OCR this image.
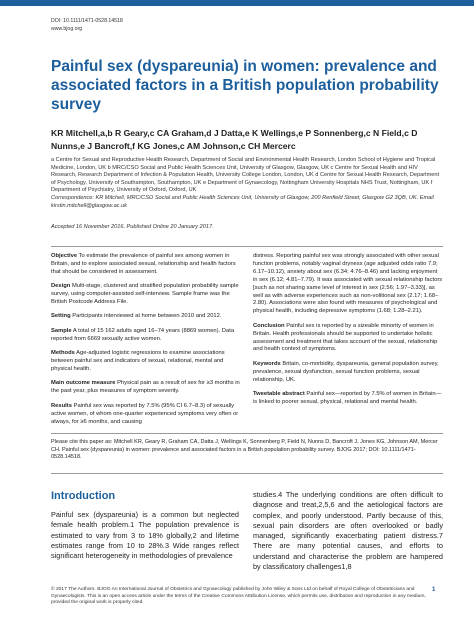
DOI: 10.1111/1471-0528.14518
www.bjog.org
Painful sex (dyspareunia) in women: prevalence and associated factors in a British population probability survey
KR Mitchell,a,b R Geary,c CA Graham,d J Datta,e K Wellings,e P Sonnenberg,c N Field,c D Nunns,e J Bancroft,f KG Jones,c AM Johnson,c CH Mercerc
a Centre for Sexual and Reproductive Health Research, Department of Social and Environmental Health Research, London School of Hygiene and Tropical Medicine, London, UK b MRC/CSO Social and Public Health Sciences Unit, University of Glasgow, Glasgow, UK c Centre for Sexual Health and HIV Research, Research Department of Infection & Population Health, University College London, London, UK d Centre for Sexual Health Research, Department of Psychology, University of Southampton, Southampton, UK e Department of Gynaecology, Nottingham University Hospitals NHS Trust, Nottingham, UK f Department of Psychiatry, University of Oxford, Oxford, UK
Correspondence: KR Mitchell, MRC/CSO Social and Public Health Sciences Unit, University of Glasgow, 200 Renfield Street, Glasgow G2 3QB, UK. Email kirstin.mitchell@glasgow.ac.uk
Accepted 16 November 2016. Published Online 20 January 2017.

Objective To estimate the prevalence of painful sex among women in Britain, and to explore associated sexual, relationship and health factors that should be considered in assessment.

Design Multi-stage, clustered and stratified population probability sample survey, using computer-assisted self-interview. Sample frame was the British Postcode Address File.

Setting Participants interviewed at home between 2010 and 2012.

Sample A total of 15 162 adults aged 16–74 years (8869 women). Data reported from 6669 sexually active women.

Methods Age-adjusted logistic regressions to examine associations between painful sex and indicators of sexual, relational, mental and physical health.

Main outcome measure Physical pain as a result of sex for ≥3 months in the past year, plus measures of symptom severity.

Results Painful sex was reported by 7.5% (95% CI 6.7–8.3) of sexually active women, of whom one-quarter experienced symptoms very often or always, for ≥6 months, and causing

distress. Reporting painful sex was strongly associated with other sexual function problems, notably vaginal dryness (age adjusted odds ratio 7.9; 6.17–10.12), anxiety about sex (6.34; 4.76–8.46) and lacking enjoyment in sex (6.12; 4.81–7.79). It was associated with sexual relationship factors [such as not sharing same level of interest in sex (2.56; 1.97–3.33)], as well as with adverse experiences such as non-volitional sex (2.17; 1.68–2.80). Associations were also found with measures of psychological and physical health, including depressive symptoms (1.68; 1.28–2.21).

Conclusion Painful sex is reported by a sizeable minority of women in Britain. Health professionals should be supported to undertake holistic assessment and treatment that takes account of the sexual, relationship and health context of symptoms.

Keywords Britain, co-morbidity, dyspareunia, general population survey, prevalence, sexual dysfunction, sexual function problems, sexual relationship, UK.

Tweetable abstract Painful sex—reported by 7.5% of women in Britain—is linked to poorer sexual, physical, relational and mental health.

Please cite this paper as: Mitchell KR, Geary R, Graham CA, Datta J, Wellings K, Sonnenberg P, Field N, Nunns D, Bancroft J, Jones KG, Johnson AM, Mercer CH. Painful sex (dyspareunia) in women: prevalence and associated factors in a British population probability survey. BJOG 2017; DOI: 10.1111/1471-0528.14518.
Introduction
Painful sex (dyspareunia) is a common but neglected female health problem.1 The population prevalence is estimated to vary from 3 to 18% globally,2 and lifetime estimates range from 10 to 28%.3 Wide ranges reflect significant heterogeneity in methodologies of prevalence
studies.4 The underlying conditions are often difficult to diagnose and treat,2,5,6 and the aetiological factors are complex, and poorly understood. Partly because of this, sexual pain disorders are often overlooked or badly managed, significantly exacerbating patient distress.7 There are many potential causes, and efforts to understand and characterise the problem are hampered by classificatory challenges1,8
© 2017 The Authors. BJOG An International Journal of Obstetrics and Gynaecology published by John Wiley & Sons Ltd on behalf of Royal College of Obstetricians and Gynaecologists. This is an open access article under the terms of the Creative Commons Attribution License, which permits use, distribution and reproduction in any medium, provided the original work is properly cited.
1
